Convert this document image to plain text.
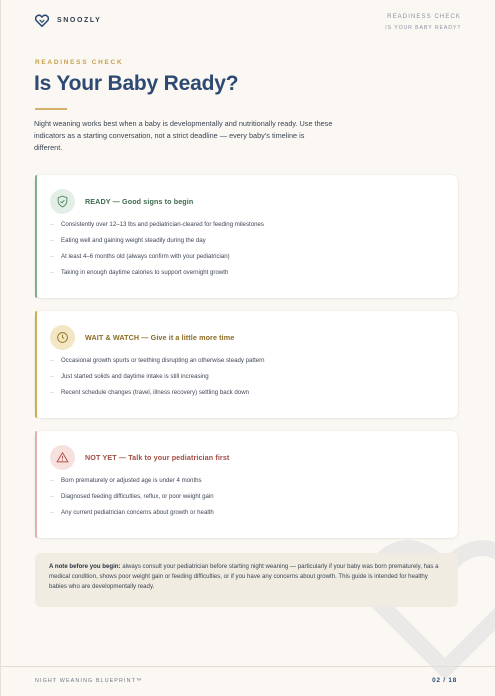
SNOOZLY	READINESS CHECK
IS YOUR BABY READY?
READINESS CHECK
Is Your Baby Ready?

Night weaning works best when a baby is developmentally and nutritionally ready. Use these indicators as a starting conversation, not a strict deadline — every baby’s timeline is different.

READY — Good signs to begin
–	Consistently over 12–13 lbs and pediatrician-cleared for feeding milestones
–	Eating well and gaining weight steadily during the day
–	At least 4–6 months old (always confirm with your pediatrician)
–	Taking in enough daytime calories to support overnight growth
WAIT & WATCH — Give it a little more time
–	Occasional growth spurts or teething disrupting an otherwise steady pattern
–	Just started solids and daytime intake is still increasing
–	Recent schedule changes (travel, illness recovery) settling back down
NOT YET — Talk to your pediatrician first
–	Born prematurely or adjusted age is under 4 months
–	Diagnosed feeding difficulties, reflux, or poor weight gain
–	Any current pediatrician concerns about growth or health
A note before you begin: always consult your pediatrician before starting night weaning — particularly if your baby was born prematurely, has a medical condition, shows poor weight gain or feeding difficulties, or if you have any concerns about growth. This guide is intended for healthy babies who are developmentally ready.
NIGHT WEANING BLUEPRINT™	02 / 18
